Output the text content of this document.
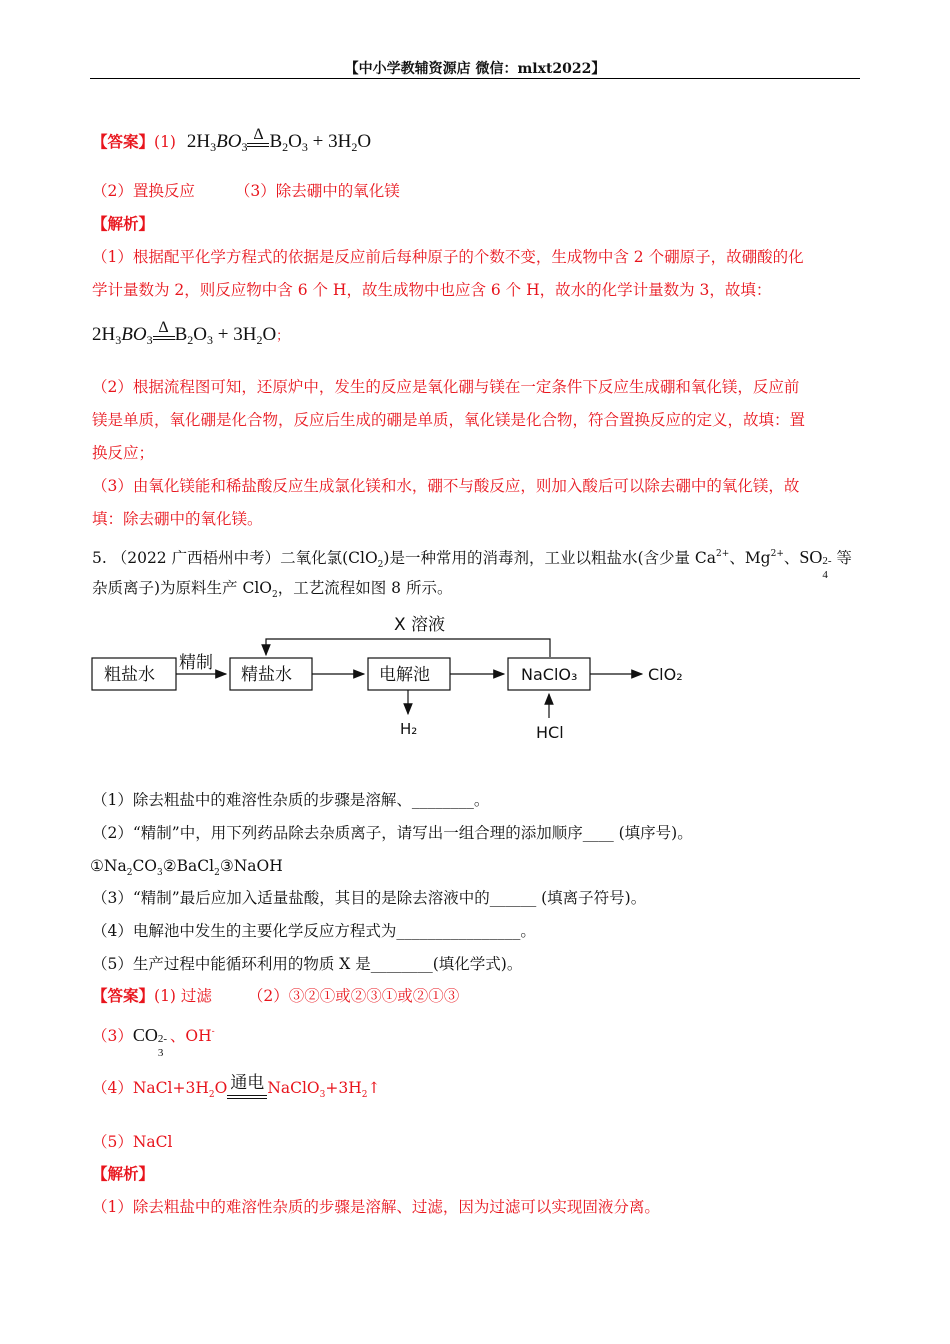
【中小学教辅资源店 微信：mlxt2022】
【答案】(1) $2H_3BO_3$
Δ $B_2O_3 + 3H_2O$
（2）置换反应	（3）除去硼中的氧化镁
【解析】
（1）根据配平化学方程式的依据是反应前后每种原子的个数不变，生成物中含 2 个硼原子，故硼酸的化
学计量数为 2，则反应物中含 6 个 H，故生成物中也应含 6 个 H，故水的化学计量数为 3，故填：
$2H_3BO_3$
Δ $B_2O_3 + 3H_2O$；
（2）根据流程图可知，还原炉中，发生的反应是氧化硼与镁在一定条件下反应生成硼和氧化镁，反应前
镁是单质，氧化硼是化合物，反应后生成的硼是单质，氧化镁是化合物，符合置换反应的定义，故填：置
换反应；
（3）由氧化镁能和稀盐酸反应生成氯化镁和水，硼不与酸反应，则加入酸后可以除去硼中的氧化镁，故
填：除去硼中的氧化镁。
5. （2022 广西梧州中考）二氧化氯(ClO$_2$)是一种常用的消毒剂，工业以粗盐水(含少量 $Ca^{2+}$、$Mg^{2+}$、SO 2-
4
等
杂质离子)为原料生产 ClO$_2$，工艺流程如图 8 所示。
X 溶液
粗盐水
精制
精盐水	电解池
H₂
NaClO₃	ClO₂
HCl
（1）除去粗盐中的难溶性杂质的步骤是溶解、________。
（2）“精制”中，用下列药品除去杂质离子，请写出一组合理的添加顺序____ (填序号)。
$①Na_2CO_3②BaCl_2③NaOH$
（3）“精制”最后应加入适量盐酸，其目的是除去溶液中的______ (填离子符号)。
（4）电解池中发生的主要化学反应方程式为________________。
（5）生产过程中能循环利用的物质 X 是________(填化学式)。
【答案】(1) 过滤 （2）③②①或②③①或②①③
（3）CO 2-
3
、OH-
$(4)NaCl+3H_2O$ 通电 $NaClO_3+3H_2↑$
（5）NaCl
【解析】
（1）除去粗盐中的难溶性杂质的步骤是溶解、过滤，因为过滤可以实现固液分离。
